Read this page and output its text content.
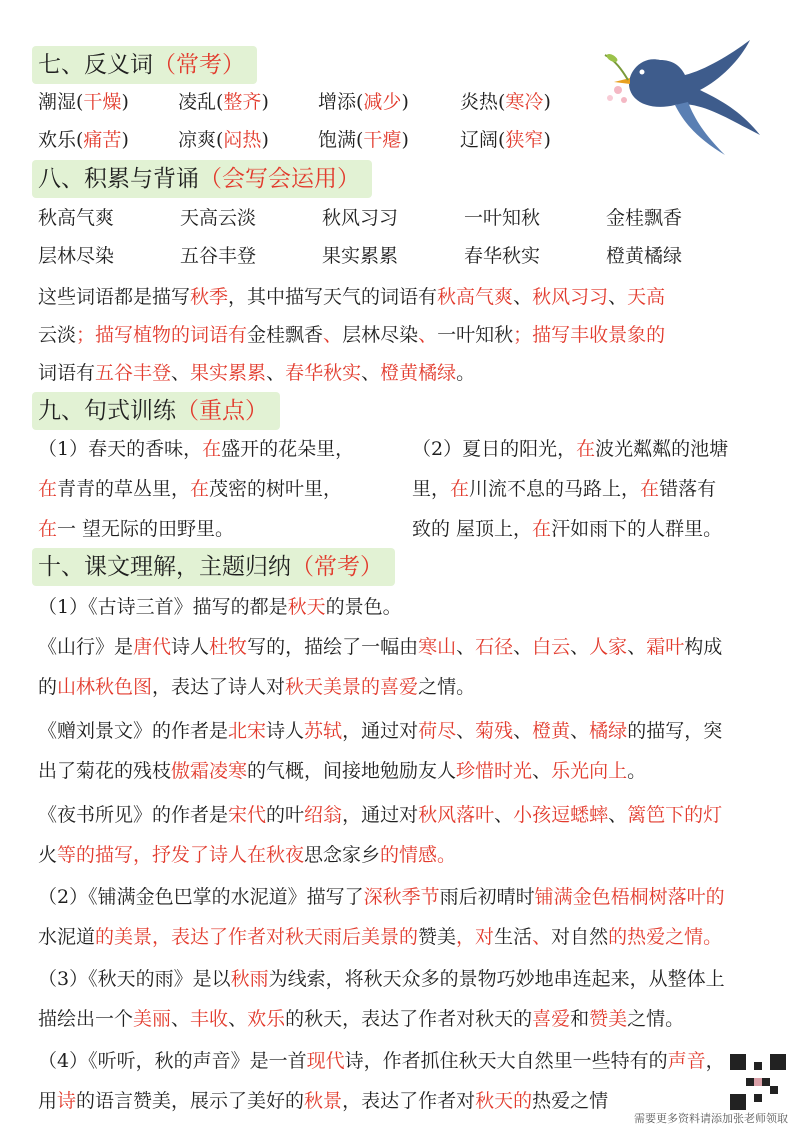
七、反义词（常考）
潮湿(干燥)	凌乱(整齐)	增添(减少)	炎热(寒冷)
欢乐(痛苦)	凉爽(闷热)	饱满(干瘪)	辽阔(狭窄)
八、积累与背诵（会写会运用）
秋高气爽	天高云淡	秋风习习	一叶知秋	金桂飘香
层林尽染	五谷丰登	果实累累	春华秋实	橙黄橘绿
这些词语都是描写秋季，其中描写天气的词语有秋高气爽、秋风习习、天高
云淡；描写植物的词语有金桂飘香、层林尽染、一叶知秋；描写丰收景象的
词语有五谷丰登、果实累累、春华秋实、橙黄橘绿。
九、句式训练（重点）
（1）春天的香味，在盛开的花朵里，
在青青的草丛里，在茂密的树叶里，
在一 望无际的田野里。
（2）夏日的阳光，在波光粼粼的池塘
里，在川流不息的马路上，在错落有
致的 屋顶上，在汗如雨下的人群里。
十、课文理解，主题归纳（常考）
（1）《古诗三首》描写的都是秋天的景色。
《山行》是唐代诗人杜牧写的，描绘了一幅由寒山、石径、白云、人家、霜叶构成
的山林秋色图，表达了诗人对秋天美景的喜爱之情。
《赠刘景文》的作者是北宋诗人苏轼，通过对荷尽、菊残、橙黄、橘绿的描写，突
出了菊花的残枝傲霜凌寒的气概，间接地勉励友人珍惜时光、乐光向上。
《夜书所见》的作者是宋代的叶绍翁，通过对秋风落叶、小孩逗蟋蟀、篱笆下的灯
火等的描写，抒发了诗人在秋夜思念家乡的情感。
（2）《铺满金色巴掌的水泥道》描写了深秋季节雨后初晴时铺满金色梧桐树落叶的
水泥道的美景，表达了作者对秋天雨后美景的赞美，对生活、对自然的热爱之情。
（3）《秋天的雨》是以秋雨为线索，将秋天众多的景物巧妙地串连起来，从整体上
描绘出一个美丽、丰收、欢乐的秋天，表达了作者对秋天的喜爱和赞美之情。
（4）《听听，秋的声音》是一首现代诗，作者抓住秋天大自然里一些特有的声音，
用诗的语言赞美，展示了美好的秋景，表达了作者对秋天的热爱之情
需要更多资料请添加张老师领取
